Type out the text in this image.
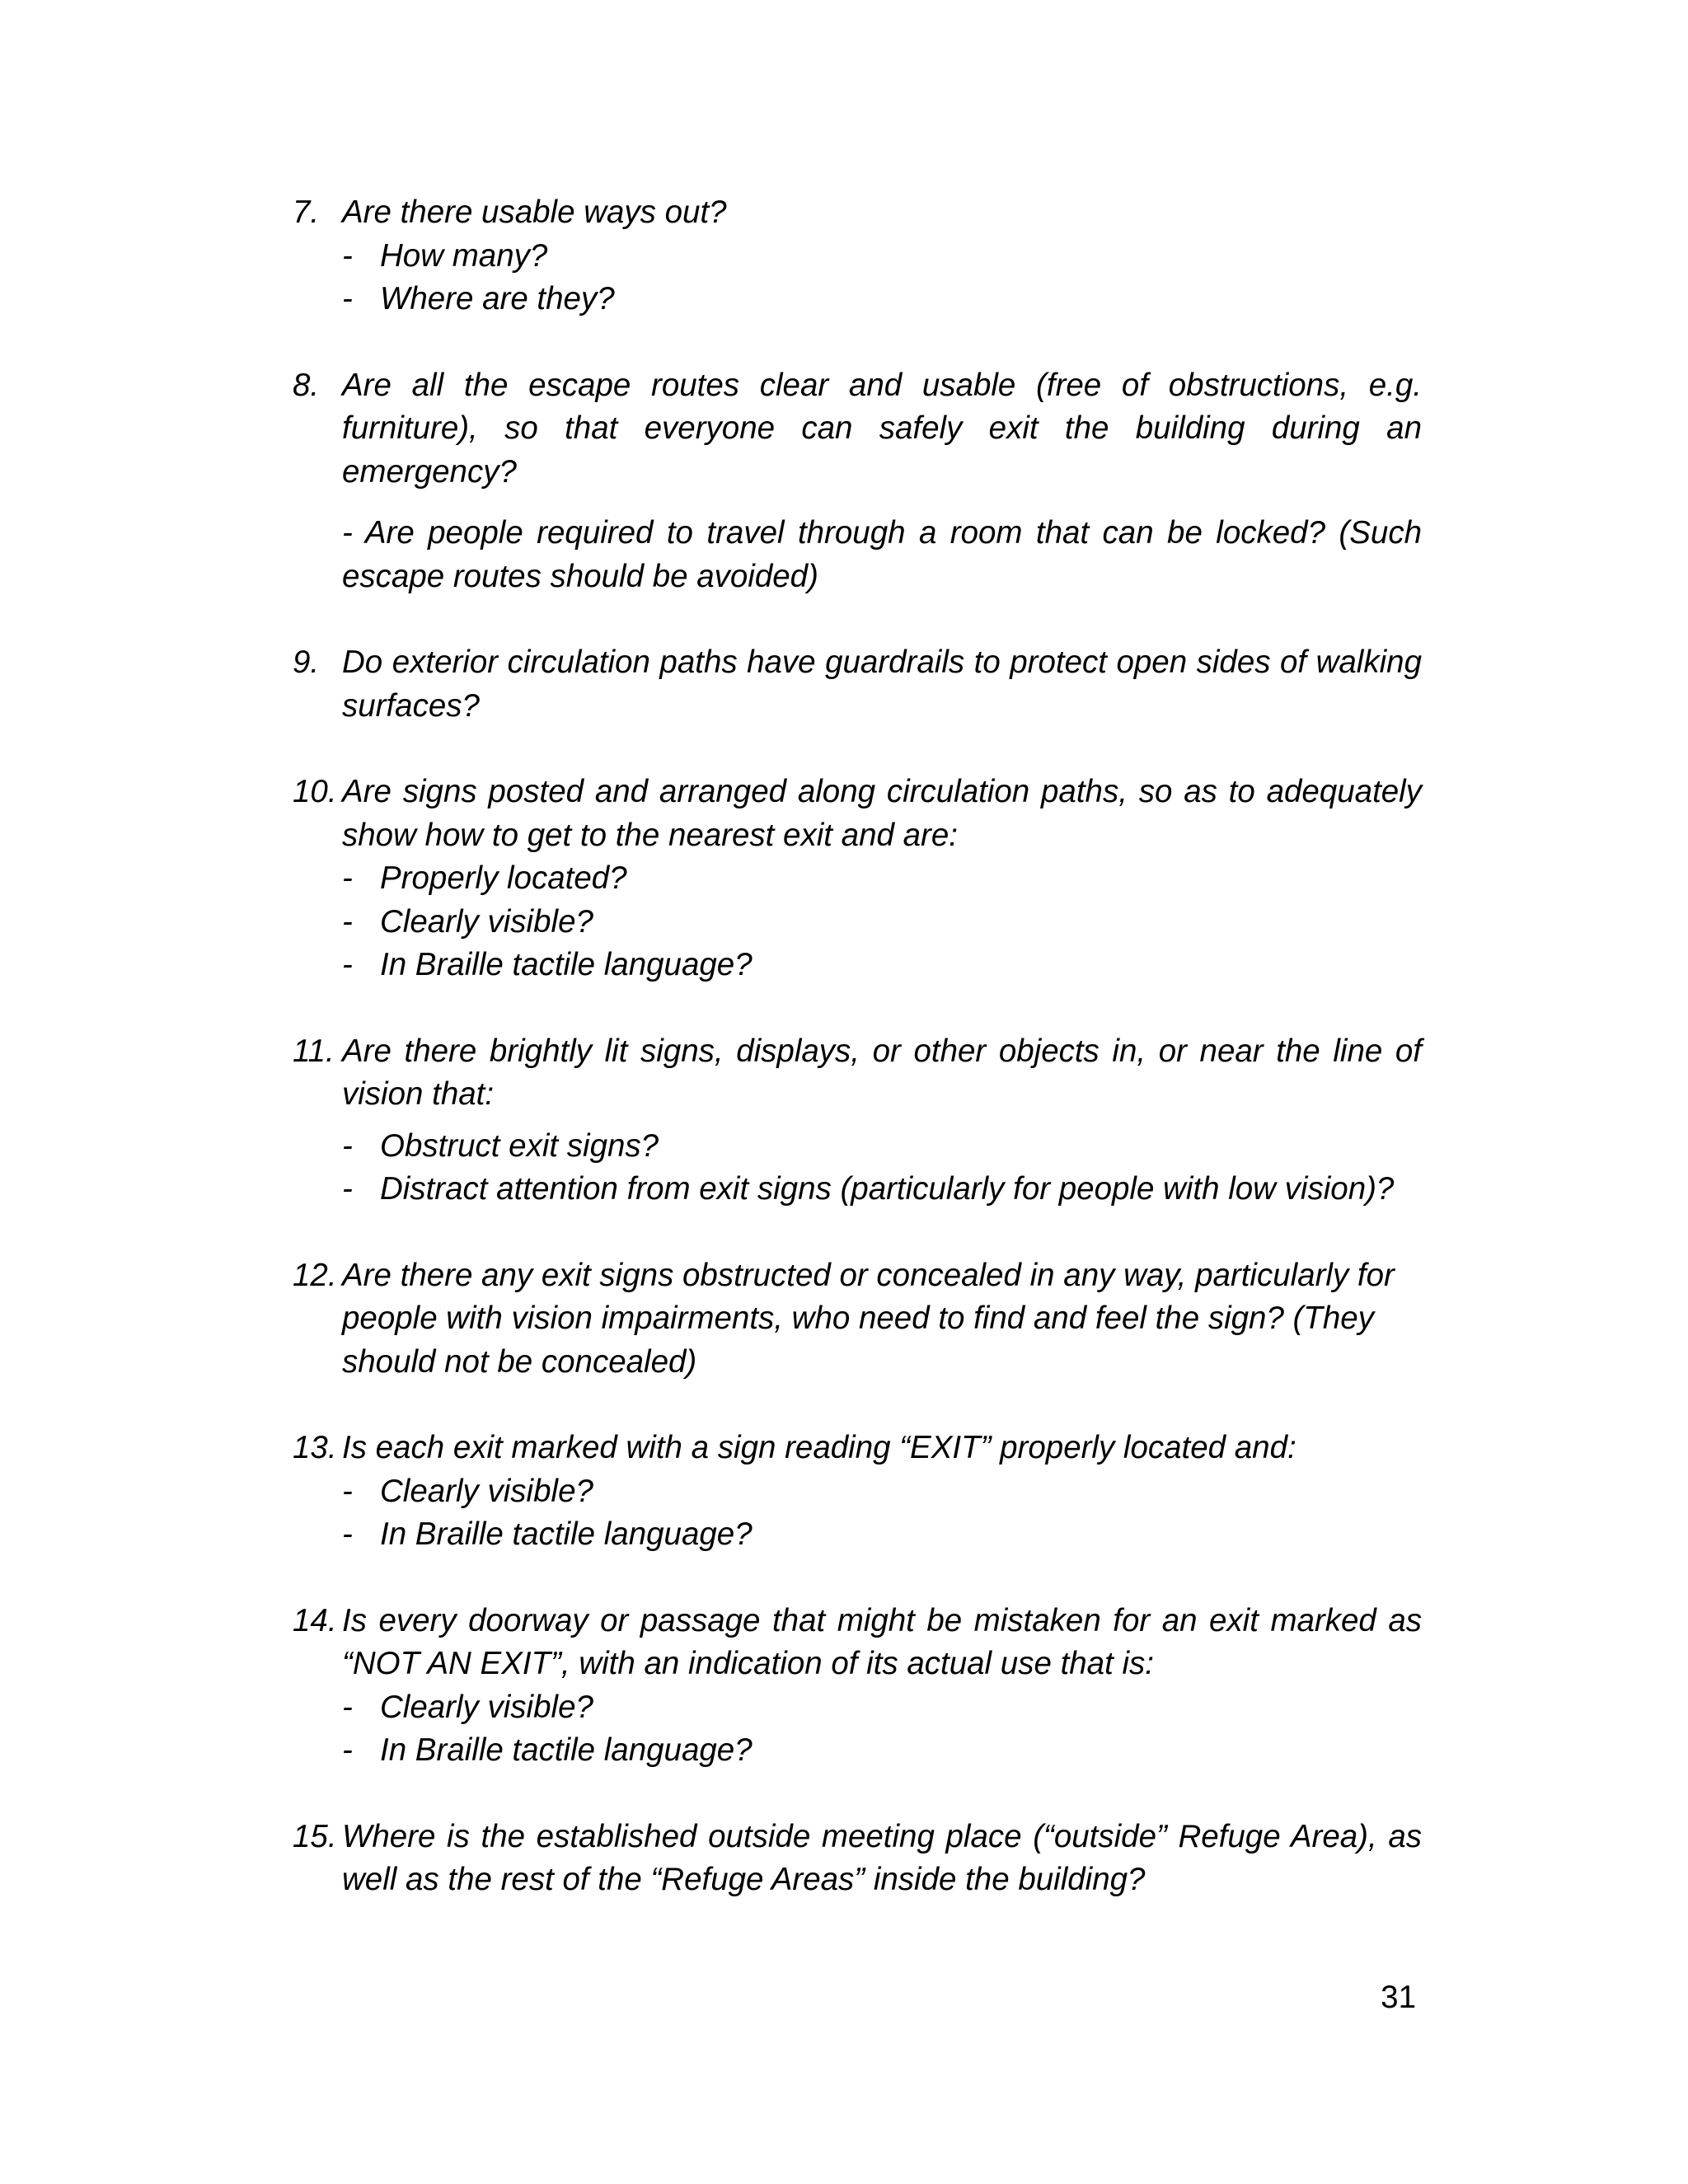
7. Are there usable ways out?
- How many?
- Where are they?
8. Are all the escape routes clear and usable (free of obstructions, e.g. furniture), so that everyone can safely exit the building during an emergency?
- Are people required to travel through a room that can be locked? (Such escape routes should be avoided)
9. Do exterior circulation paths have guardrails to protect open sides of walking surfaces?
10. Are signs posted and arranged along circulation paths, so as to adequately show how to get to the nearest exit and are:
- Properly located?
- Clearly visible?
- In Braille tactile language?
11. Are there brightly lit signs, displays, or other objects in, or near the line of vision that:
- Obstruct exit signs?
- Distract attention from exit signs (particularly for people with low vision)?
12. Are there any exit signs obstructed or concealed in any way, particularly for people with vision impairments, who need to find and feel the sign? (They should not be concealed)
13. Is each exit marked with a sign reading “EXIT” properly located and:
- Clearly visible?
- In Braille tactile language?
14. Is every doorway or passage that might be mistaken for an exit marked as “NOT AN EXIT”, with an indication of its actual use that is:
- Clearly visible?
- In Braille tactile language?
15. Where is the established outside meeting place (“outside” Refuge Area), as well as the rest of the “Refuge Areas” inside the building?
31
